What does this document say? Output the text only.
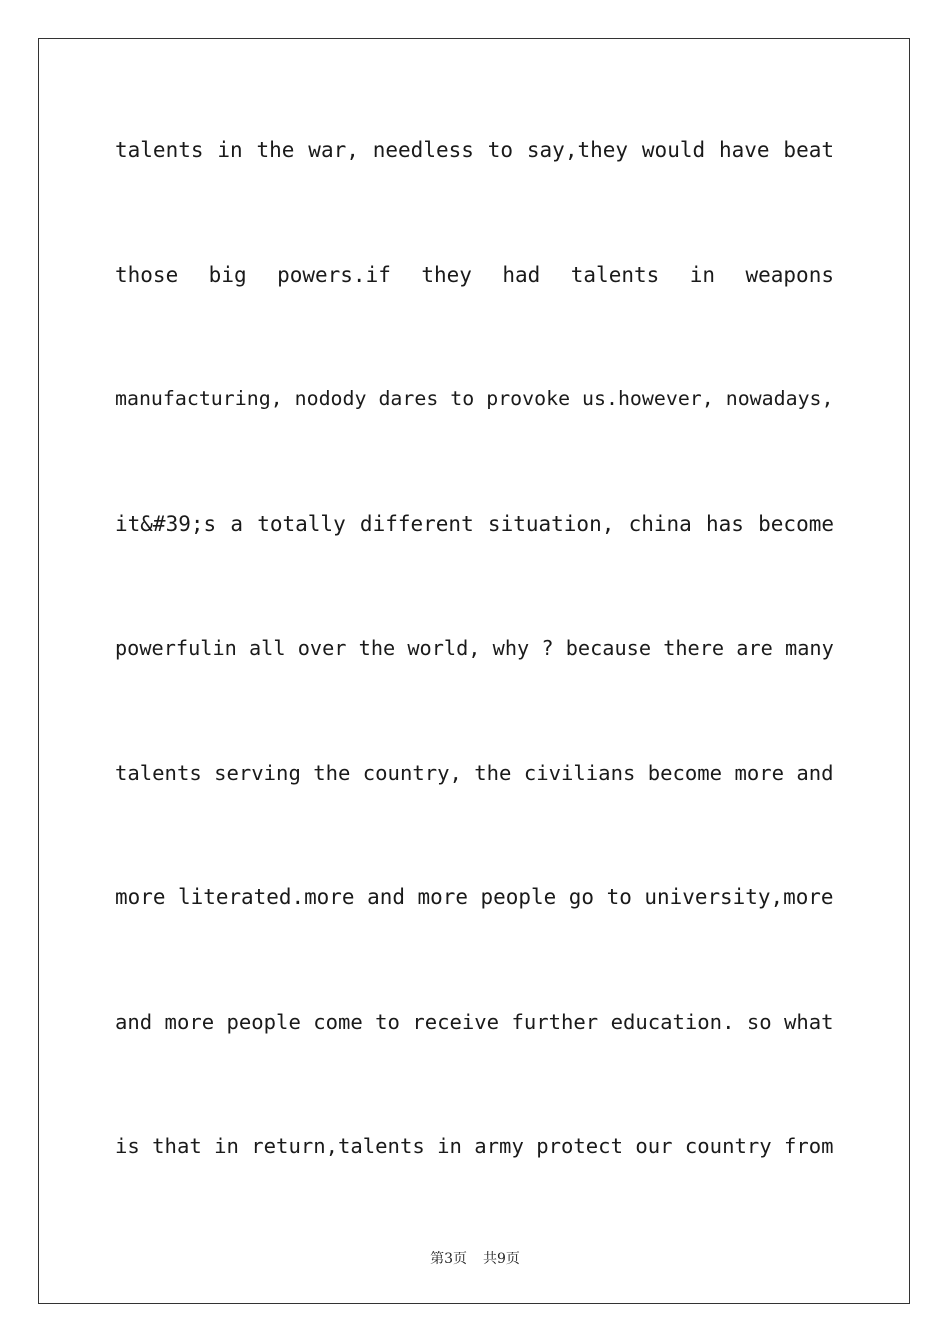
talents in the war, needless to say,they would have beat
those big powers.if they had talents in weapons
manufacturing, nodody dares to provoke us.however, nowadays,
it&#39;s a totally different situation, china has become
powerfulin all over the world, why ? because there are many
talents serving the country, the civilians become more and
more literated.more and more people go to university,more
and more people come to receive further education. so what
is that in return,talents in army protect our country from
第3页 共9页
